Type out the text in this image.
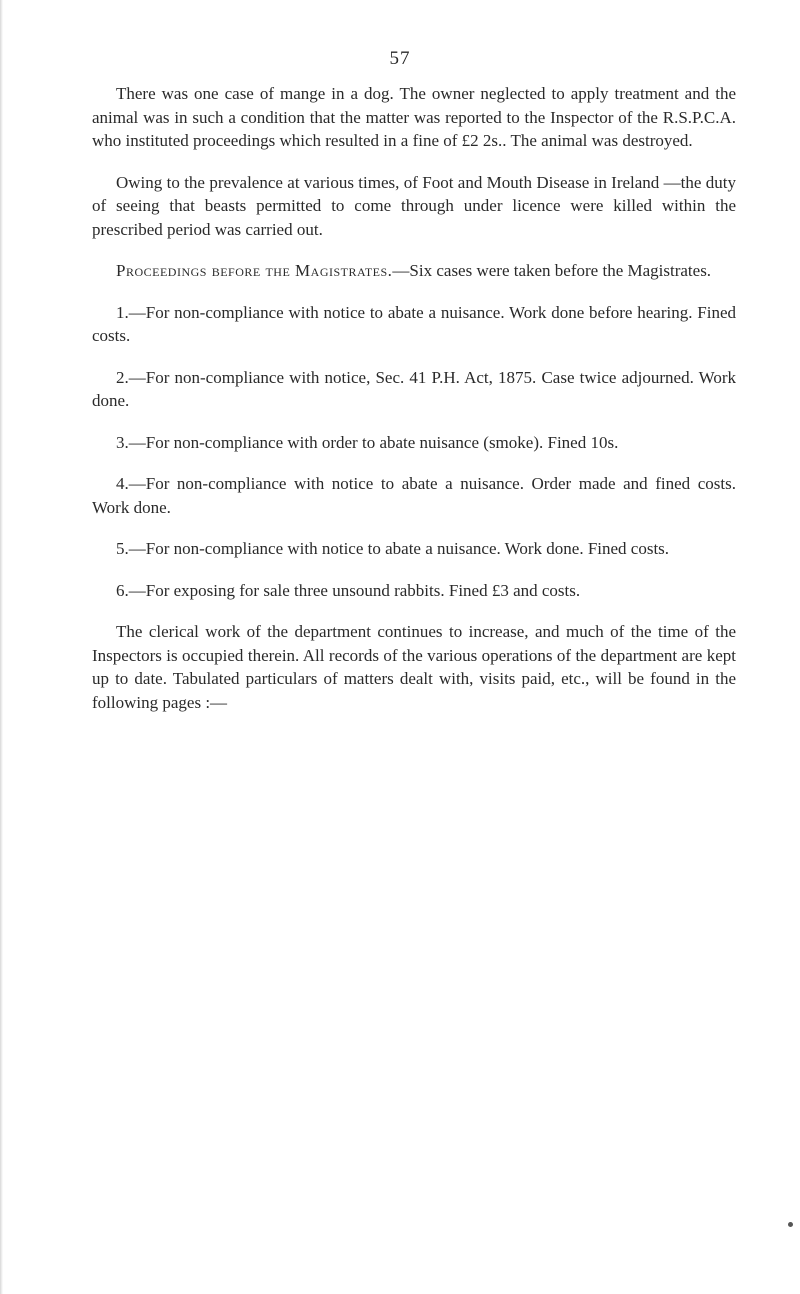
57

There was one case of mange in a dog. The owner neglected to apply treatment and the animal was in such a condition that the matter was reported to the Inspector of the R.S.P.C.A. who instituted proceedings which resulted in a fine of £2 2s.. The animal was destroyed.

Owing to the prevalence at various times, of Foot and Mouth Disease in Ireland —the duty of seeing that beasts permitted to come through under licence were killed within the prescribed period was carried out.

Proceedings before the Magistrates.—Six cases were taken before the Magistrates.

1.—For non-compliance with notice to abate a nuisance. Work done before hearing. Fined costs.

2.—For non-compliance with notice, Sec. 41 P.H. Act, 1875. Case twice adjourned. Work done.

3.—For non-compliance with order to abate nuisance (smoke). Fined 10s.

4.—For non-compliance with notice to abate a nuisance. Order made and fined costs. Work done.

5.—For non-compliance with notice to abate a nuisance. Work done. Fined costs.

6.—For exposing for sale three unsound rabbits. Fined £3 and costs.

The clerical work of the department continues to increase, and much of the time of the Inspectors is occupied therein. All records of the various operations of the department are kept up to date. Tabulated particulars of matters dealt with, visits paid, etc., will be found in the following pages :—
